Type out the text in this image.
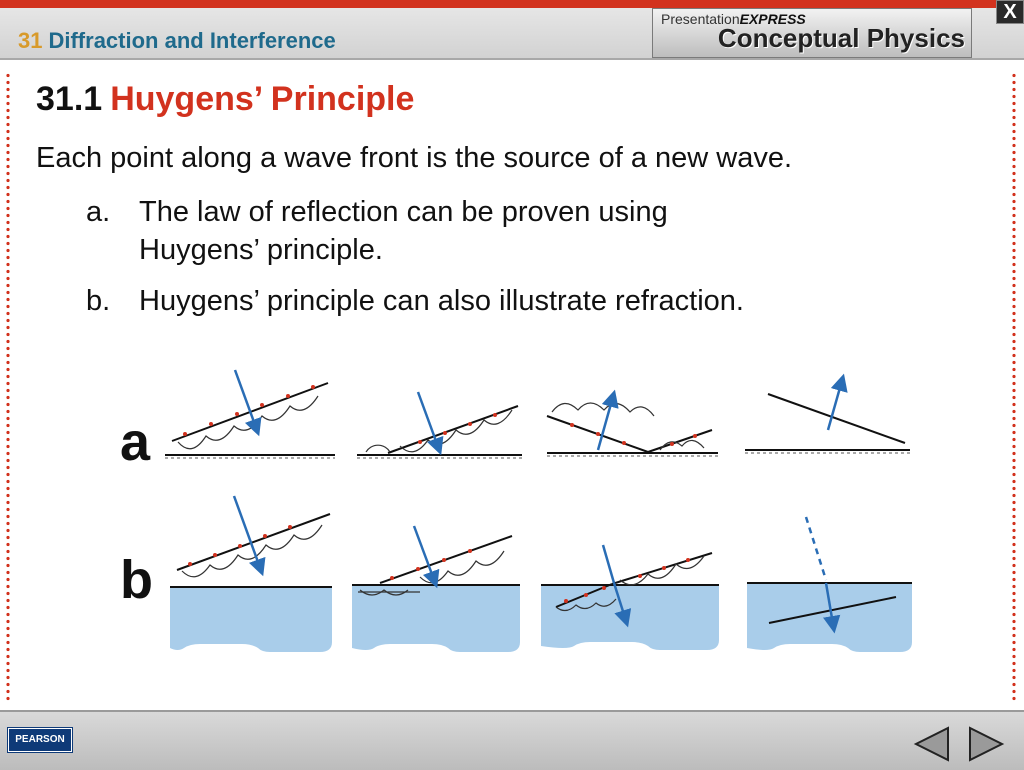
31 Diffraction and Interference
PresentationEXPRESS
Conceptual Physics
X
31.1 Huygens’ Principle
Each point along a wave front is the source of a new wave.
a. The law of reflection can be proven using
Huygens’ principle.
b. Huygens’ principle can also illustrate refraction.
a
b
PEARSON
